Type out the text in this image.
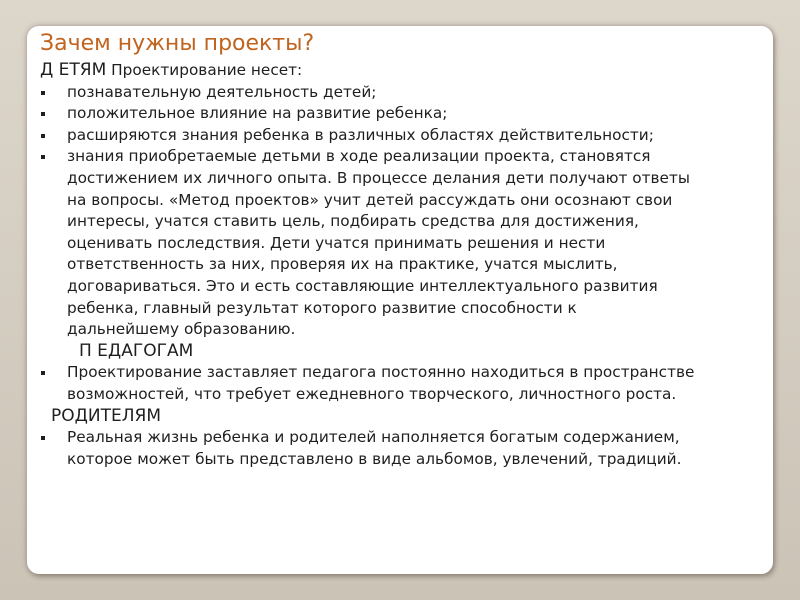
Зачем нужны проекты?
Д ЕТЯМ Проектирование несет:
познавательную деятельность детей;
положительное влияние на развитие ребенка;
расширяются знания ребенка в различных областях действительности;
знания приобретаемые детьми в ходе реализации проекта, становятся
достижением их личного опыта. В процессе делания дети получают ответы
на вопросы. «Метод проектов» учит детей рассуждать они осознают свои
интересы, учатся ставить цель, подбирать средства для достижения,
оценивать последствия. Дети учатся принимать решения и нести
ответственность за них, проверяя их на практике, учатся мыслить,
договариваться. Это и есть составляющие интеллектуального развития
ребенка, главный результат которого развитие способности к
дальнейшему образованию.
П ЕДАГОГАМ
Проектирование заставляет педагога постоянно находиться в пространстве
возможностей, что требует ежедневного творческого, личностного роста.
РОДИТЕЛЯМ
Реальная жизнь ребенка и родителей наполняется богатым содержанием,
которое может быть представлено в виде альбомов, увлечений, традиций.
